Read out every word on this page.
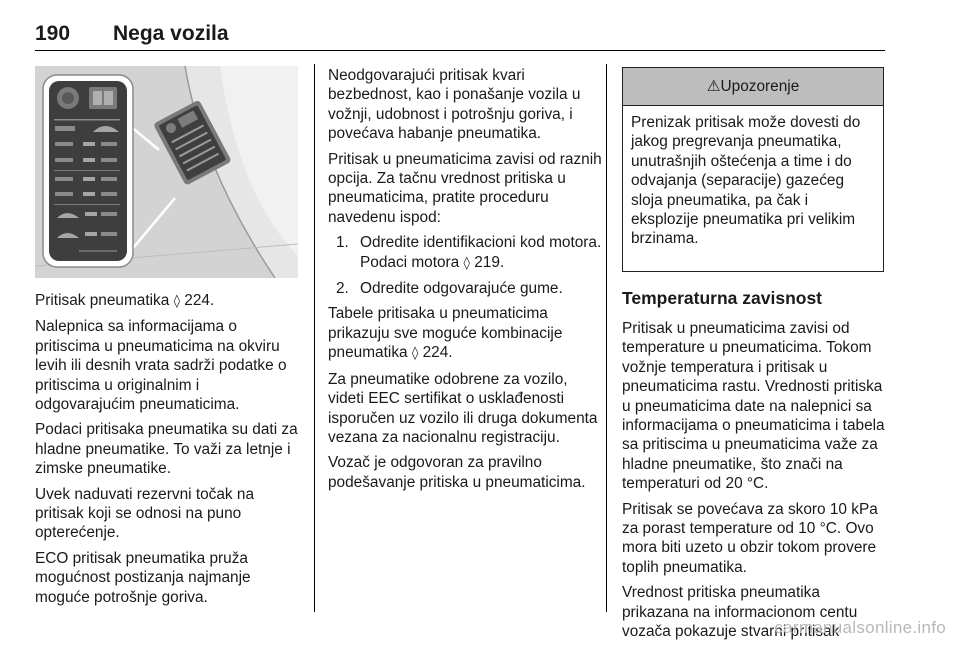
190 Nega vozila

Pritisak pneumatika ◊ 224.

Nalepnica sa informacijama o pritiscima u pneumaticima na okviru levih ili desnih vrata sadrži podatke o pritiscima u originalnim i odgovarajućim pneumaticima.

Podaci pritisaka pneumatika su dati za hladne pneumatike. To važi za letnje i zimske pneumatike.

Uvek naduvati rezervni točak na pritisak koji se odnosi na puno opterećenje.

ECO pritisak pneumatika pruža mogućnost postizanja najmanje moguće potrošnje goriva.

Neodgovarajući pritisak kvari bezbednost, kao i ponašanje vozila u vožnji, udobnost i potrošnju goriva, i povećava habanje pneumatika.

Pritisak u pneumaticima zavisi od raznih opcija. Za tačnu vrednost pritiska u pneumaticima, pratite proceduru navedenu ispod:

1. Odredite identifikacioni kod motora. Podaci motora ◊ 219.
2. Odredite odgovarajuće gume.

Tabele pritisaka u pneumaticima prikazuju sve moguće kombinacije pneumatika ◊ 224.

Za pneumatike odobrene za vozilo, videti EEC sertifikat o usklađenosti isporučen uz vozilo ili druga dokumenta vezana za nacionalnu registraciju.

Vozač je odgovoran za pravilno podešavanje pritiska u pneumaticima.

⚠Upozorenje
Prenizak pritisak može dovesti do jakog pregrevanja pneumatika, unutrašnjih oštećenja a time i do odvajanja (separacije) gazećeg sloja pneumatika, pa čak i eksplozije pneumatika pri velikim brzinama.
Temperaturna zavisnost

Pritisak u pneumaticima zavisi od temperature u pneumaticima. Tokom vožnje temperatura i pritisak u pneumaticima rastu. Vrednosti pritiska u pneumaticima date na nalepnici sa informacijama o pneumaticima i tabela sa pritiscima u pneumaticima važe za hladne pneumatike, što znači na temperaturi od 20 °C.

Pritisak se povećava za skoro 10 kPa za porast temperature od 10 °C. Ovo mora biti uzeto u obzir tokom provere toplih pneumatika.

Vrednost pritiska pneumatika prikazana na informacionom centu vozača pokazuje stvarni pritisak

carmanualsonline.info
